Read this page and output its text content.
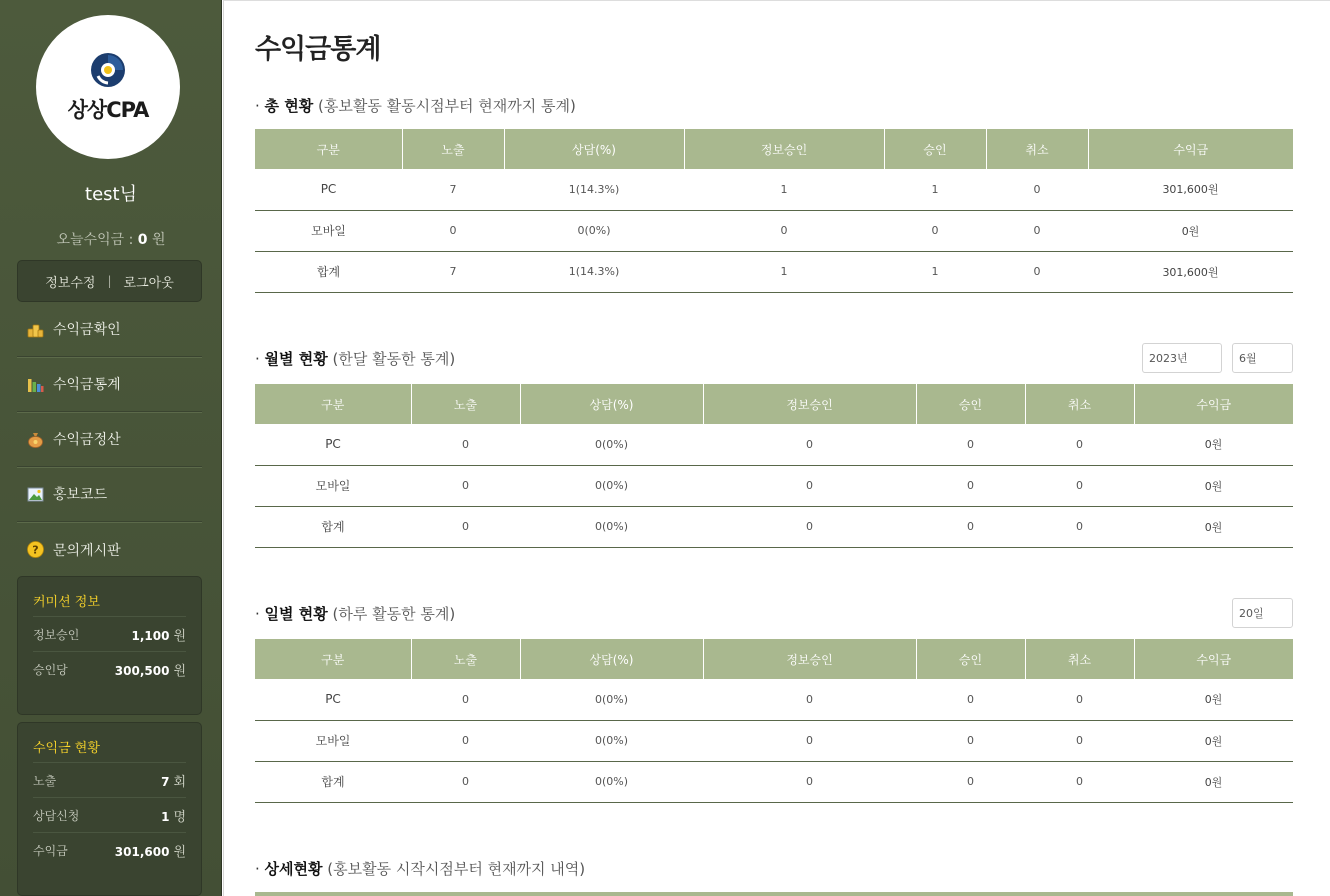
상상CPA
test님
오늘수익금 : 0 원
정보수정 | 로그아웃
수익금확인
수익금통계
수익금정산
홍보코드
? 문의게시판
커미션 정보
정보승인	1,100 원
승인당	300,500 원
수익금 현황
노출	7 회
상담신청	1 명
수익금	301,600 원
수익금통계
· 총 현황 (홍보활동 활동시점부터 현재까지 통계)
구분	노출	상담(%)	정보승인	승인	취소	수익금
PC	7	1(14.3%)	1	1	0	301,600원
모바일	0	0(0%)	0	0	0	0원
합계	7	1(14.3%)	1	1	0	301,600원
· 월별 현황 (한달 활동한 통계)	2023년	6월
구분	노출	상담(%)	정보승인	승인	취소	수익금
PC	0	0(0%)	0	0	0	0원
모바일	0	0(0%)	0	0	0	0원
합계	0	0(0%)	0	0	0	0원
· 일별 현황 (하루 활동한 통계)	20일
구분	노출	상담(%)	정보승인	승인	취소	수익금
PC	0	0(0%)	0	0	0	0원
모바일	0	0(0%)	0	0	0	0원
합계	0	0(0%)	0	0	0	0원
· 상세현황 (홍보활동 시작시점부터 현재까지 내역)
